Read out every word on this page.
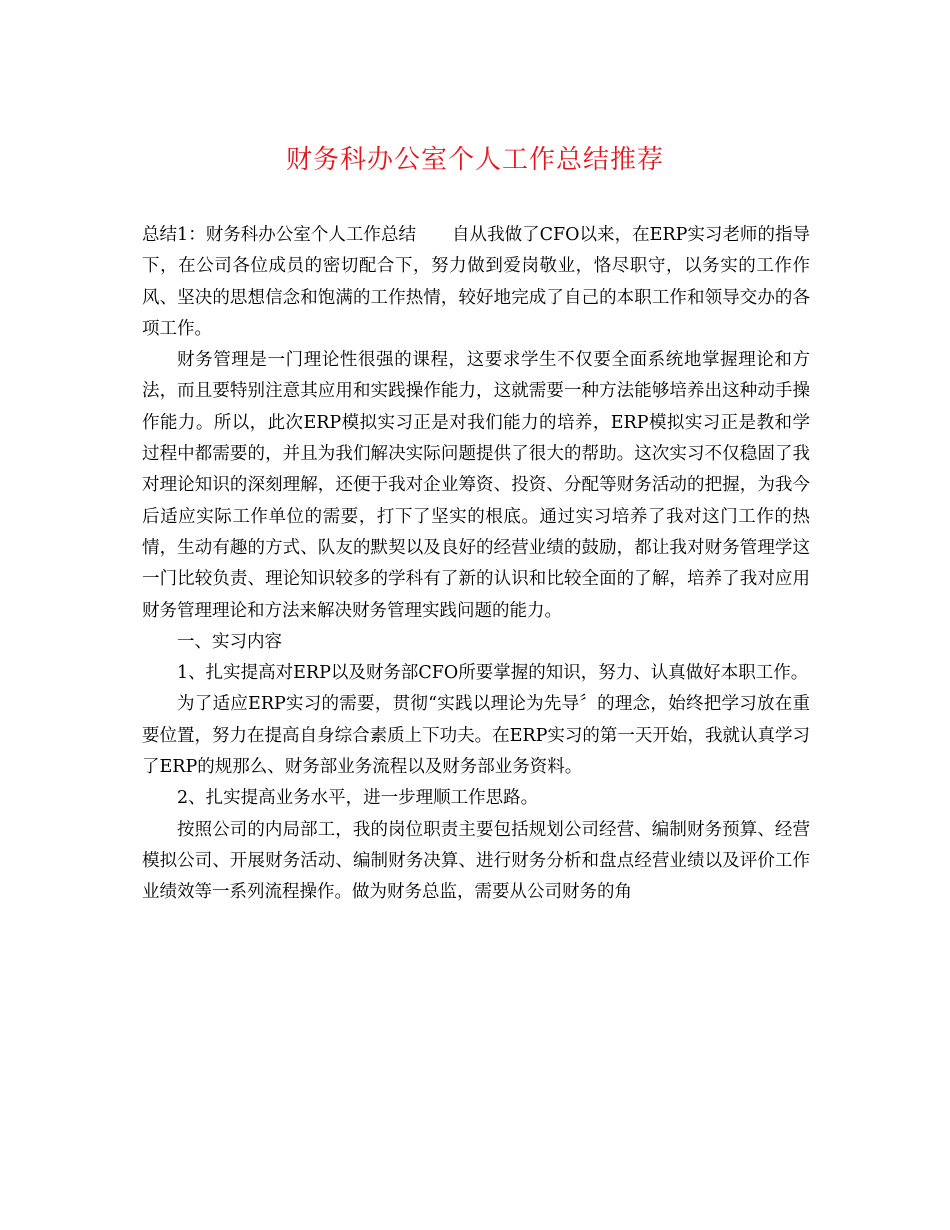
财务科办公室个人工作总结推荐

总结1：财务科办公室个人工作总结 自从我做了CFO以来，在ERP实习老师的指导下，在公司各位成员的密切配合下，努力做到爱岗敬业，恪尽职守，以务实的工作作风、坚决的思想信念和饱满的工作热情，较好地完成了自己的本职工作和领导交办的各项工作。

财务管理是一门理论性很强的课程，这要求学生不仅要全面系统地掌握理论和方法，而且要特别注意其应用和实践操作能力，这就需要一种方法能够培养出这种动手操作能力。所以，此次ERP模拟实习正是对我们能力的培养，ERP模拟实习正是教和学过程中都需要的，并且为我们解决实际问题提供了很大的帮助。这次实习不仅稳固了我对理论知识的深刻理解，还便于我对企业筹资、投资、分配等财务活动的把握，为我今后适应实际工作单位的需要，打下了坚实的根底。通过实习培养了我对这门工作的热情，生动有趣的方式、队友的默契以及良好的经营业绩的鼓励，都让我对财务管理学这一门比较负责、理论知识较多的学科有了新的认识和比较全面的了解，培养了我对应用财务管理理论和方法来解决财务管理实践问题的能力。

一、实习内容

1、扎实提高对ERP以及财务部CFO所要掌握的知识，努力、认真做好本职工作。

为了适应ERP实习的需要，贯彻“实践以理论为先导〞的理念，始终把学习放在重要位置，努力在提高自身综合素质上下功夫。在ERP实习的第一天开始，我就认真学习了ERP的规那么、财务部业务流程以及财务部业务资料。

2、扎实提高业务水平，进一步理顺工作思路。

按照公司的内局部工，我的岗位职责主要包括规划公司经营、编制财务预算、经营模拟公司、开展财务活动、编制财务决算、进行财务分析和盘点经营业绩以及评价工作业绩效等一系列流程操作。做为财务总监，需要从公司财务的角
